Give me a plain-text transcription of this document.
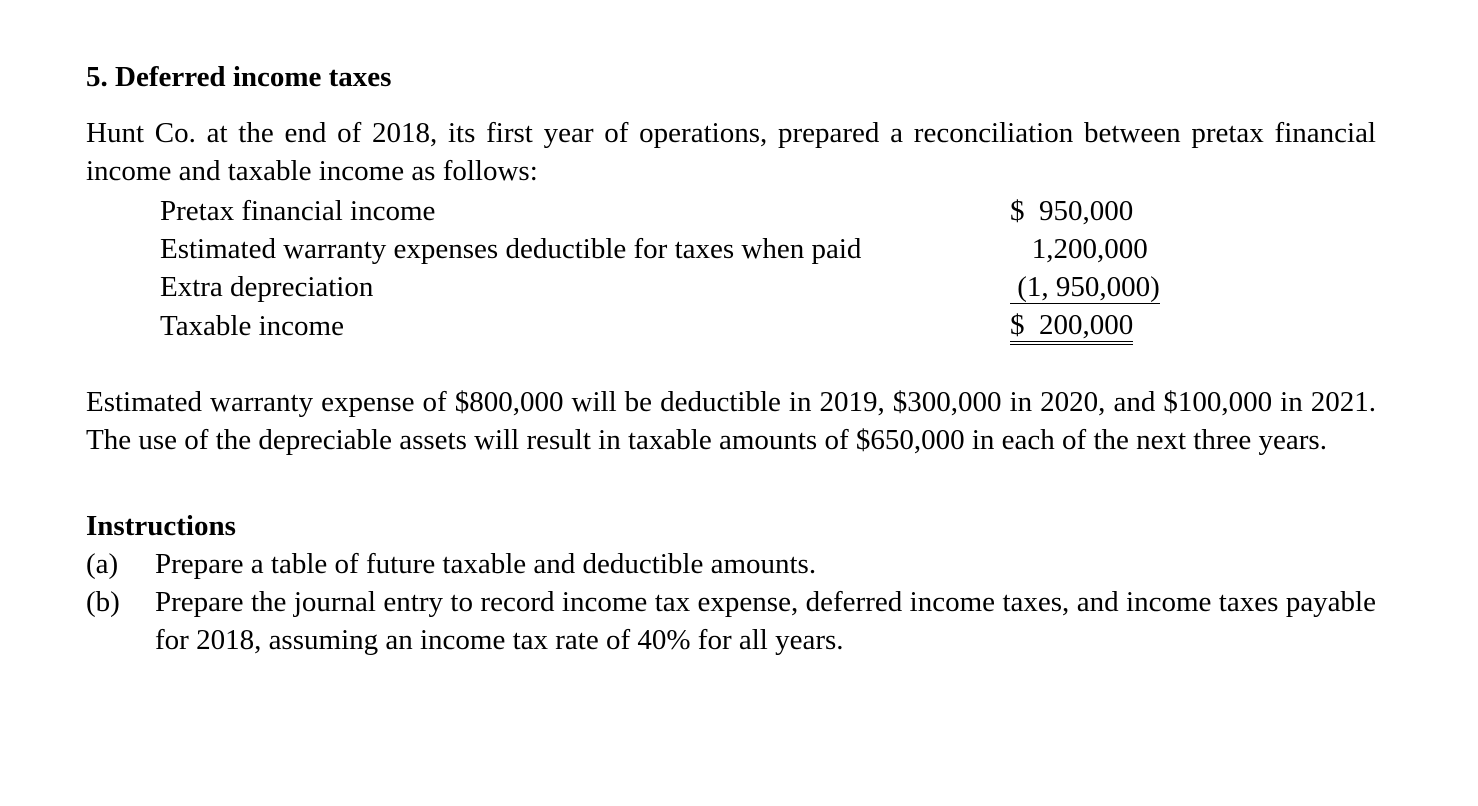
5. Deferred income taxes

Hunt Co. at the end of 2018, its first year of operations, prepared a reconciliation between pretax financial income and taxable income as follows:

Pretax financial income	$  950,000
Estimated warranty expenses deductible for taxes when paid	1,200,000
Extra depreciation	(1, 950,000)
Taxable income	$  200,000

Estimated warranty expense of $800,000 will be deductible in 2019, $300,000 in 2020, and $100,000 in 2021. The use of the depreciable assets will result in taxable amounts of $650,000 in each of the next three years.

Instructions
(a)	Prepare a table of future taxable and deductible amounts.
(b)	Prepare the journal entry to record income tax expense, deferred income taxes, and income taxes payable for 2018, assuming an income tax rate of 40% for all years.
